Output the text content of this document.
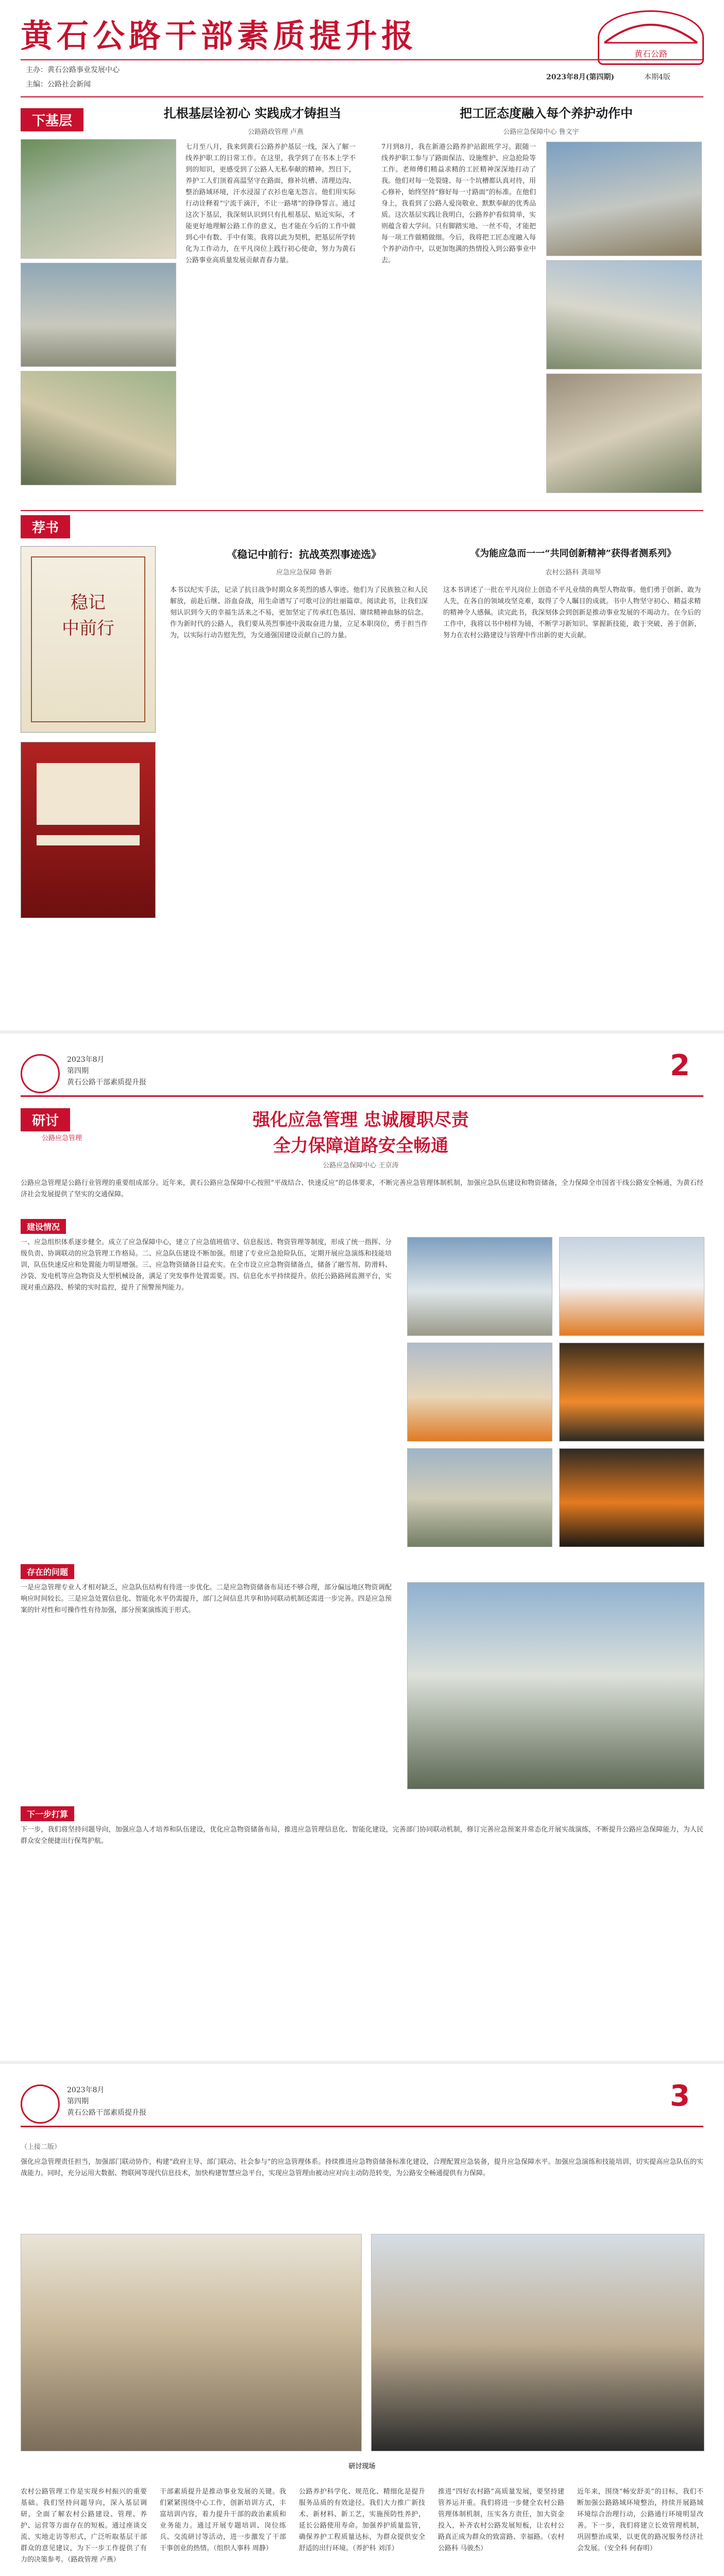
黄石公路干部素质提升报	黄石公路
主办：黄石公路事业发展中心
主编：公路社会新闻
2023年8月(第四期)	本期4版
下基层
扎根基层诠初心 实践成才铸担当	把工匠态度融入每个养护动作中
公路路政管理 卢燕
七月至八月，我来到黄石公路养护基层一线，深入了解一线养护职工的日常工作。在这里，我学到了在书本上学不到的知识，更感受到了公路人无私奉献的精神。烈日下，养护工人们顶着高温坚守在路面，修补坑槽、清理边沟、整治路域环境，汗水浸湿了衣衫也毫无怨言。他们用实际行动诠释着“宁流千滴汗，不让一路堵”的铮铮誓言。通过这次下基层，我深刻认识到只有扎根基层、贴近实际，才能更好地理解公路工作的意义，也才能在今后的工作中做到心中有数、手中有策。我将以此为契机，把基层所学转化为工作动力，在平凡岗位上践行初心使命，努力为黄石公路事业高质量发展贡献青春力量。
公路应急保障中心 鲁文宇
7月到8月，我在新港公路养护站跟班学习。跟随一线养护职工参与了路面保洁、设施维护、应急抢险等工作。老师傅们精益求精的工匠精神深深地打动了我。他们对每一处裂缝、每一个坑槽都认真对待，用心修补，始终坚持“修好每一寸路面”的标准。在他们身上，我看到了公路人爱岗敬业、默默奉献的优秀品质。这次基层实践让我明白，公路养护看似简单，实则蕴含着大学问。只有脚踏实地、一丝不苟，才能把每一项工作做精做细。今后，我将把工匠态度融入每个养护动作中，以更加饱满的热情投入到公路事业中去。
荐书
稳记
中前行
《稳记中前行：抗战英烈事迹选》
应急应急保障 鲁新
本书以纪实手法，记录了抗日战争时期众多英烈的感人事迹。他们为了民族独立和人民解放，前赴后继、浴血奋战，用生命谱写了可歌可泣的壮丽篇章。阅读此书，让我们深刻认识到今天的幸福生活来之不易，更加坚定了传承红色基因、赓续精神血脉的信念。作为新时代的公路人，我们要从英烈事迹中汲取奋进力量，立足本职岗位，勇于担当作为，以实际行动告慰先烈，为交通强国建设贡献自己的力量。
《为能应急而一一“共同创新精神”获得者测系列》
农村公路科 龚瑞琴
这本书讲述了一批在平凡岗位上创造不平凡业绩的典型人物故事。他们勇于创新、敢为人先，在各自的领域攻坚克难，取得了令人瞩目的成就。书中人物坚守初心、精益求精的精神令人感佩。读完此书，我深刻体会到创新是推动事业发展的不竭动力。在今后的工作中，我将以书中榜样为镜，不断学习新知识、掌握新技能，敢于突破、善于创新，努力在农村公路建设与管理中作出新的更大贡献。
2023年8月
第四期
黄石公路干部素质提升报	2
研讨
公路应急管理
强化应急管理 忠诚履职尽责
全力保障道路安全畅通
公路应急保障中心 王京涛
公路应急管理是公路行业管理的重要组成部分。近年来，黄石公路应急保障中心按照“平战结合、快速反应”的总体要求，不断完善应急管理体制机制，加强应急队伍建设和物资储备，全力保障全市国省干线公路安全畅通，为黄石经济社会发展提供了坚实的交通保障。
建设情况
一、应急组织体系逐步健全。成立了应急保障中心，建立了应急值班值守、信息报送、物资管理等制度，形成了统一指挥、分级负责、协调联动的应急管理工作格局。二、应急队伍建设不断加强。组建了专业应急抢险队伍，定期开展应急演练和技能培训，队伍快速反应和处置能力明显增强。三、应急物资储备日益充实。在全市设立应急物资储备点，储备了融雪剂、防滑料、沙袋、发电机等应急物资及大型机械设备，满足了突发事件处置需要。四、信息化水平持续提升。依托公路路网监测平台，实现对重点路段、桥梁的实时监控，提升了预警预判能力。
存在的问题
一是应急管理专业人才相对缺乏，应急队伍结构有待进一步优化。二是应急物资储备布局还不够合理，部分偏远地区物资调配响应时间较长。三是应急处置信息化、智能化水平仍需提升，部门之间信息共享和协同联动机制还需进一步完善。四是应急预案的针对性和可操作性有待加强，部分预案演练流于形式。
下一步打算
下一步，我们将坚持问题导向，加强应急人才培养和队伍建设，优化应急物资储备布局，推进应急管理信息化、智能化建设，完善部门协同联动机制，修订完善应急预案并常态化开展实战演练，不断提升公路应急保障能力，为人民群众安全便捷出行保驾护航。
2023年8月
第四期
黄石公路干部素质提升报	3
（上接二版）
强化应急管理责任担当，加强部门联动协作，构建“政府主导、部门联动、社会参与”的应急管理体系。持续推进应急物资储备标准化建设，合理配置应急装备，提升应急保障水平。加强应急演练和技能培训，切实提高应急队伍的实战能力。同时，充分运用大数据、物联网等现代信息技术，加快构建智慧应急平台，实现应急管理由被动应对向主动防范转变，为公路安全畅通提供有力保障。
研讨现场
农村公路管理工作是实现乡村振兴的重要基础。我们坚持问题导向，深入基层调研，全面了解农村公路建设、管理、养护、运营等方面存在的短板。通过座谈交流、实地走访等形式，广泛听取基层干部群众的意见建议，为下一步工作提供了有力的决策参考。（路政管理 卢燕）
干部素质提升是推动事业发展的关键。我们紧紧围绕中心工作，创新培训方式，丰富培训内容，着力提升干部的政治素质和业务能力。通过开展专题培训、岗位练兵、交流研讨等活动，进一步激发了干部干事创业的热情。（组织人事科 周静）
公路养护科学化、规范化、精细化是提升服务品质的有效途径。我们大力推广新技术、新材料、新工艺，实施预防性养护，延长公路使用寿命。加强养护质量监管，确保养护工程质量达标，为群众提供安全舒适的出行环境。（养护科 刘洋）
推进“四好农村路”高质量发展，要坚持建管养运并重。我们将进一步健全农村公路管理体制机制，压实各方责任，加大资金投入，补齐农村公路发展短板，让农村公路真正成为群众的致富路、幸福路。（农村公路科 马骏杰）
近年来，围绕“畅安舒美”的目标，我们不断加强公路路域环境整治，持续开展路域环境综合治理行动，公路通行环境明显改善。下一步，我们将建立长效管理机制，巩固整治成果，以更优的路况服务经济社会发展。（安全科 何春明）
